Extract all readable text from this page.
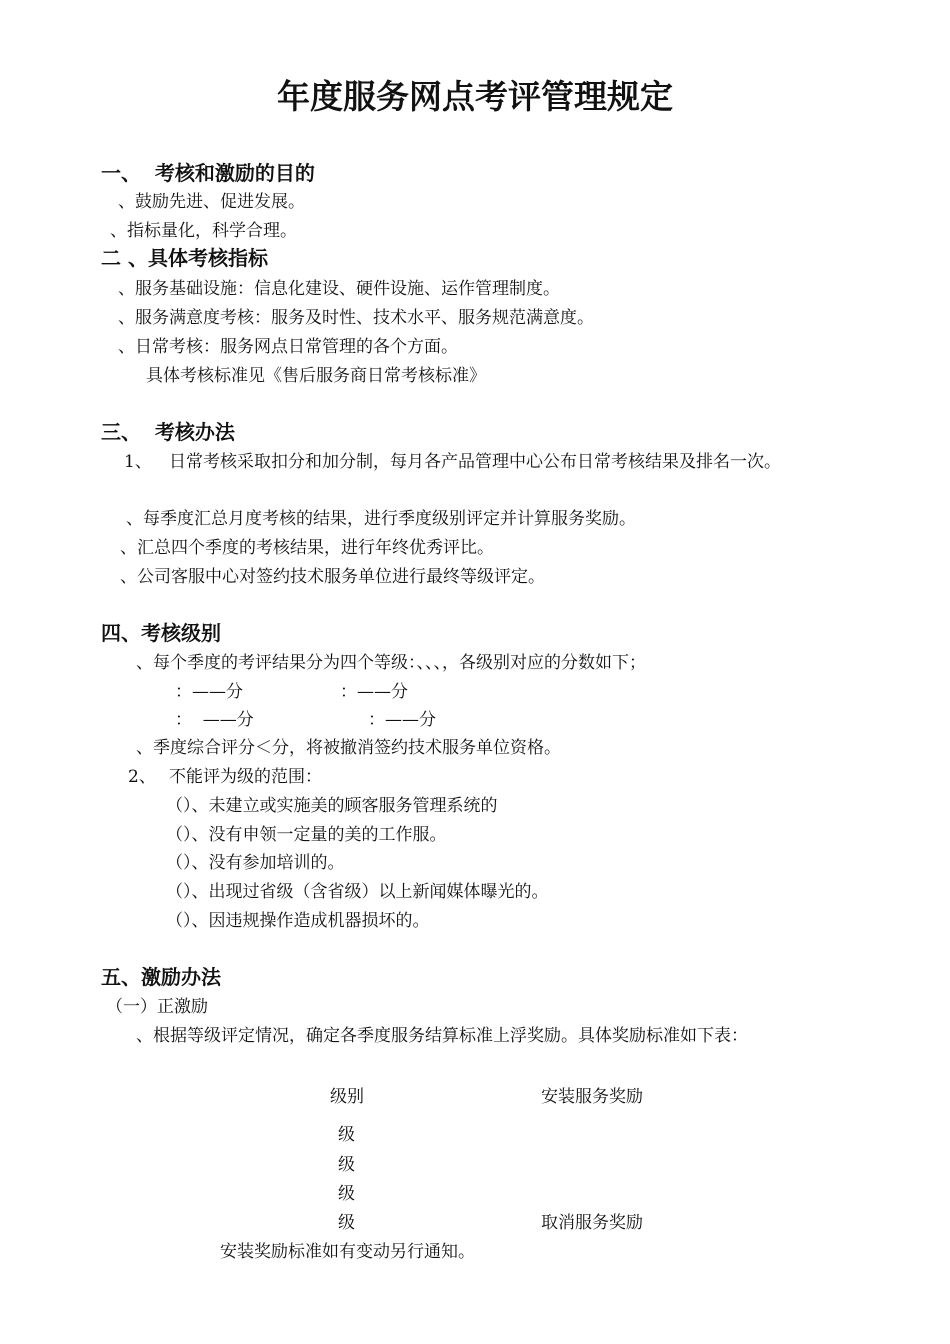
年度服务网点考评管理规定
一、  考核和激励的目的
、鼓励先进、促进发展。
、指标量化，科学合理。
二 、具体考核指标
、服务基础设施：信息化建设、硬件设施、运作管理制度。
、服务满意度考核：服务及时性、技术水平、服务规范满意度。
、日常考核：服务网点日常管理的各个方面。
具体考核标准见《售后服务商日常考核标准》
三、  考核办法
1、 日常考核采取扣分和加分制，每月各产品管理中心公布日常考核结果及排名一次。
、每季度汇总月度考核的结果，进行季度级别评定并计算服务奖励。
、汇总四个季度的考核结果，进行年终优秀评比。
、公司客服中心对签约技术服务单位进行最终等级评定。
四、考核级别
、每个季度的考评结果分为四个等级：、、、，各级别对应的分数如下；
：——分	：——分
：  ——分	：——分
、季度综合评分＜分，将被撤消签约技术服务单位资格。
2、 不能评为级的范围：
（）、未建立或实施美的顾客服务管理系统的
（）、没有申领一定量的美的工作服。
（）、没有参加培训的。
（）、出现过省级（含省级）以上新闻媒体曝光的。
（）、因违规操作造成机器损坏的。
五、激励办法
（一）正激励
、根据等级评定情况，确定各季度服务结算标准上浮奖励。具体奖励标准如下表：
级别	安装服务奖励
级
级
级
级	取消服务奖励
安装奖励标准如有变动另行通知。
